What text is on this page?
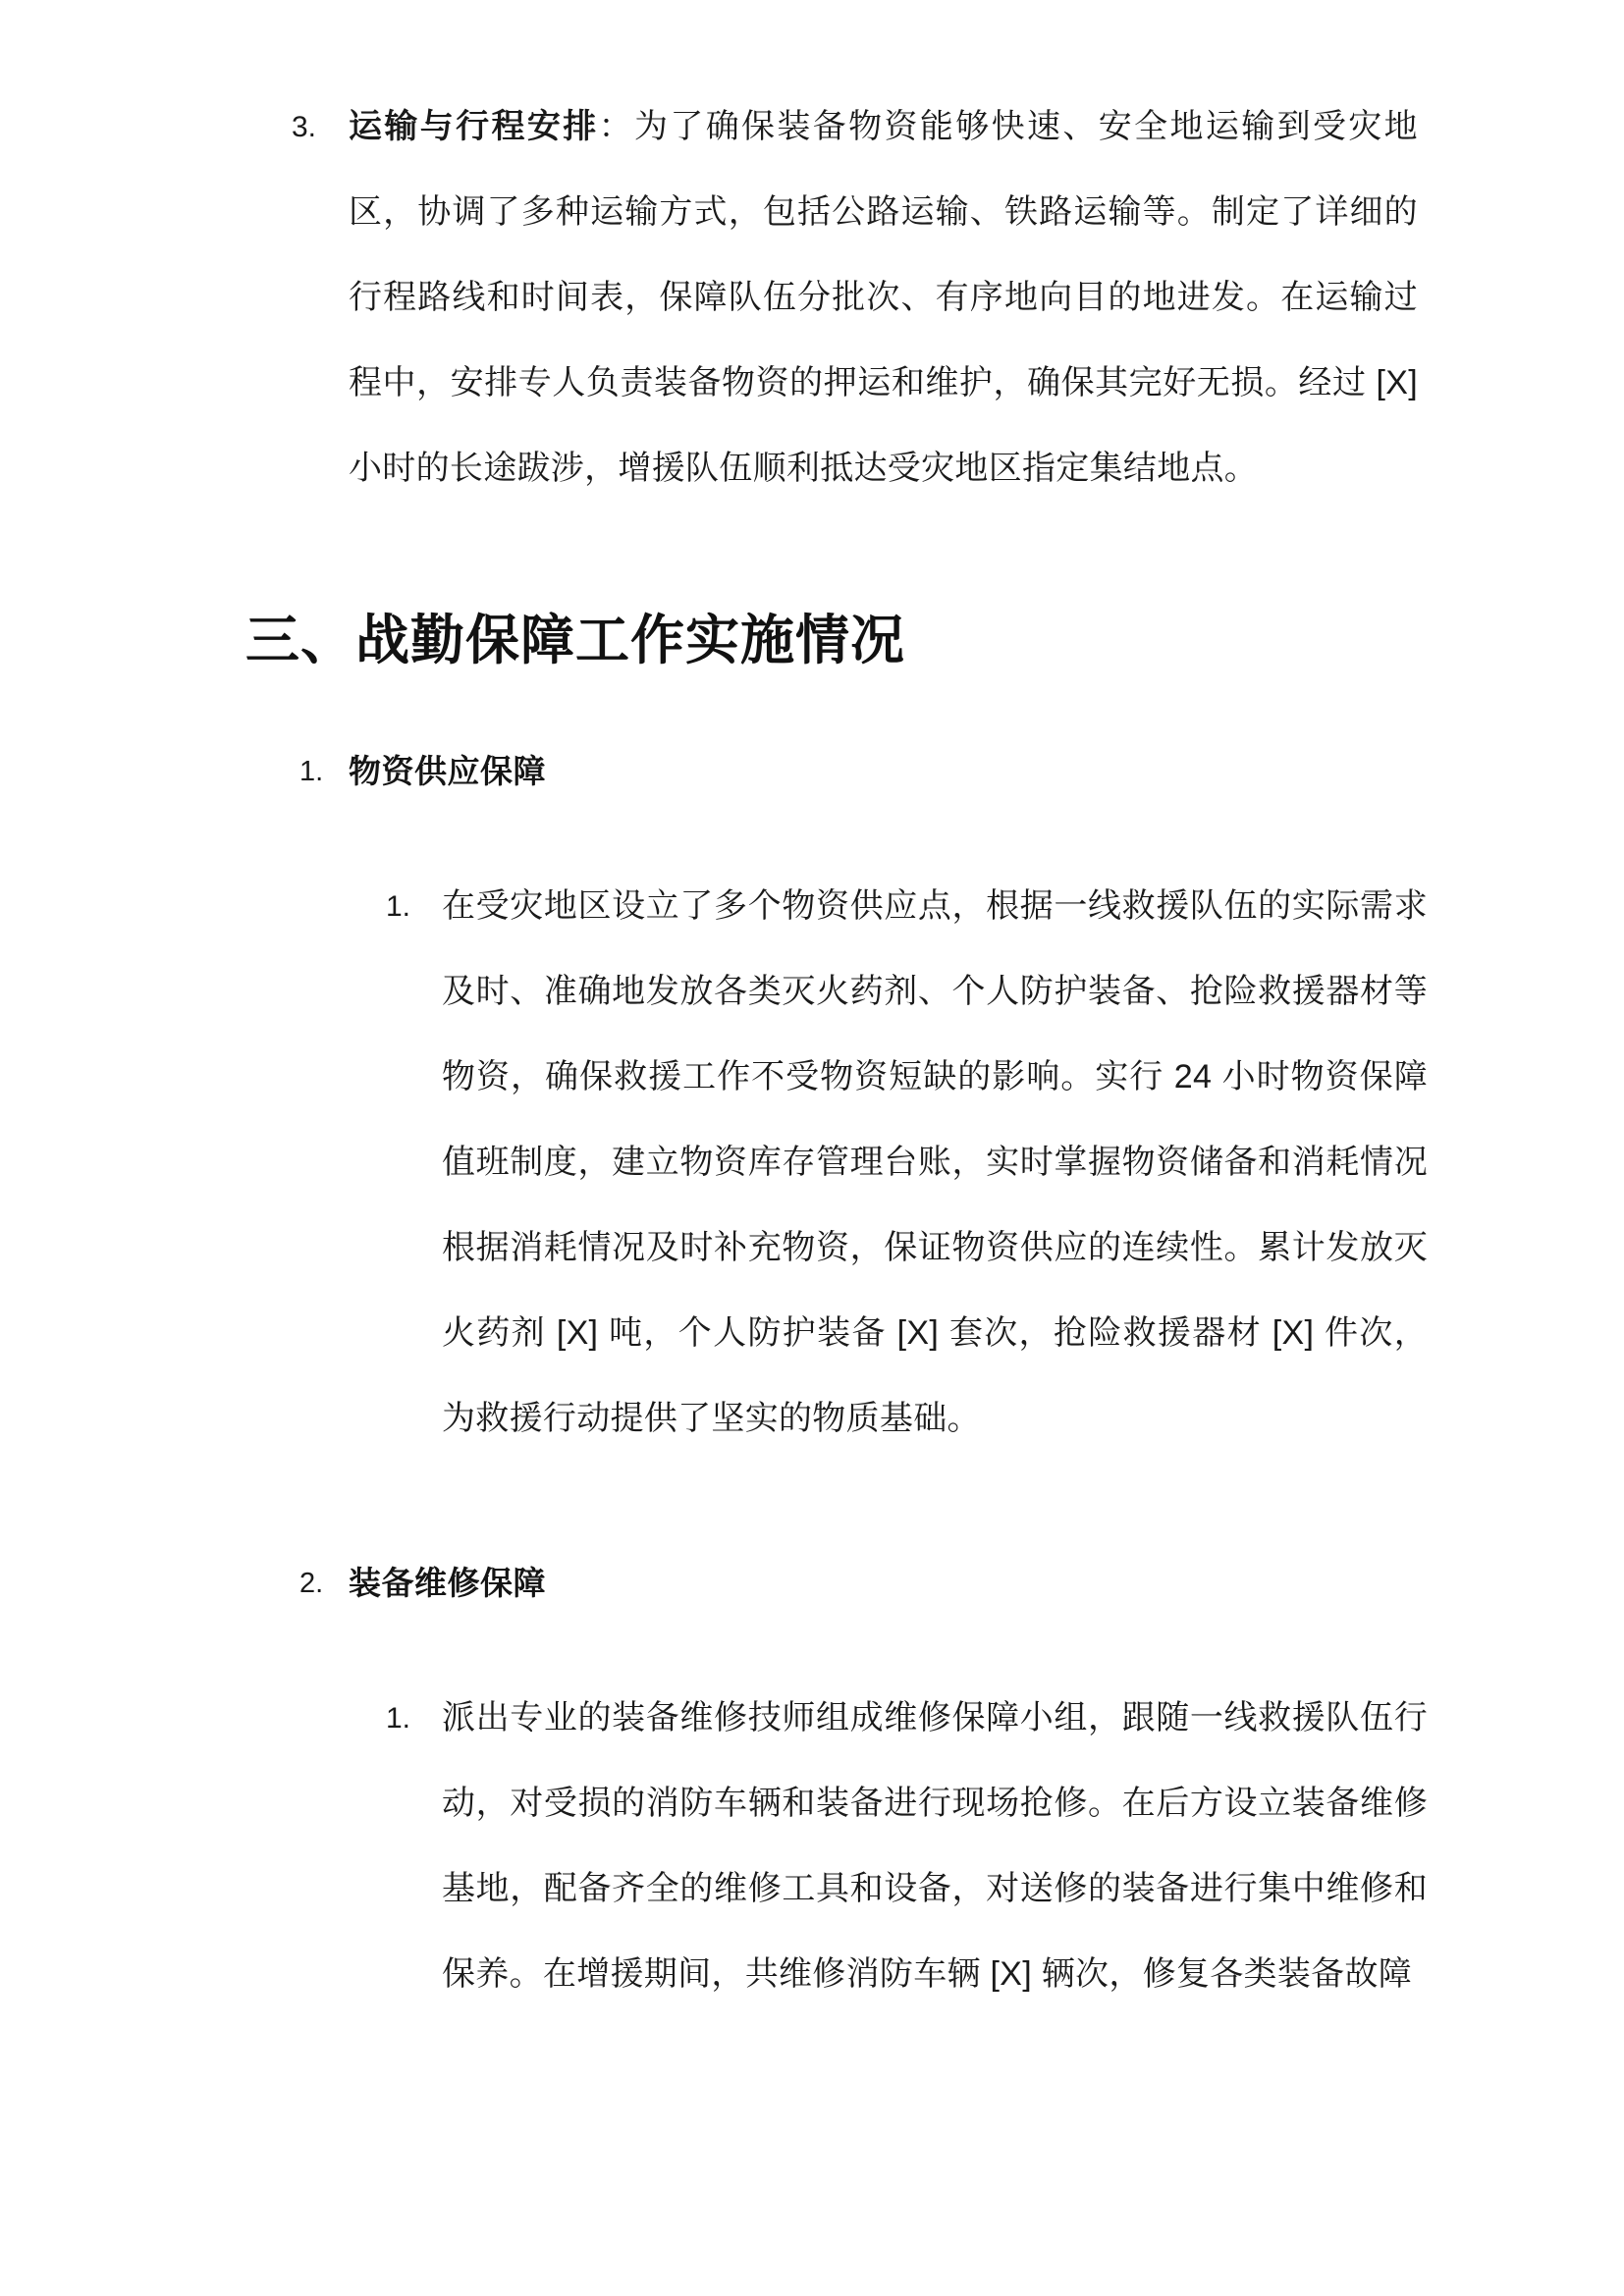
3. 运输与行程安排：为了确保装备物资能够快速、安全地运输到受灾地区，协调了多种运输方式，包括公路运输、铁路运输等。制定了详细的行程路线和时间表，保障队伍分批次、有序地向目的地进发。在运输过程中，安排专人负责装备物资的押运和维护，确保其完好无损。经过 [X] 小时的长途跋涉，增援队伍顺利抵达受灾地区指定集结地点。
三、战勤保障工作实施情况
1. 物资供应保障
1. 在受灾地区设立了多个物资供应点，根据一线救援队伍的实际需求及时、准确地发放各类灭火药剂、个人防护装备、抢险救援器材等物资，确保救援工作不受物资短缺的影响。实行 24 小时物资保障值班制度，建立物资库存管理台账，实时掌握物资储备和消耗情况根据消耗情况及时补充物资，保证物资供应的连续性。累计发放灭火药剂 [X] 吨，个人防护装备 [X] 套次，抢险救援器材 [X] 件次，为救援行动提供了坚实的物质基础。
2. 装备维修保障
1. 派出专业的装备维修技师组成维修保障小组，跟随一线救援队伍行动，对受损的消防车辆和装备进行现场抢修。在后方设立装备维修基地，配备齐全的维修工具和设备，对送修的装备进行集中维修和保养。在增援期间，共维修消防车辆 [X] 辆次，修复各类装备故障
